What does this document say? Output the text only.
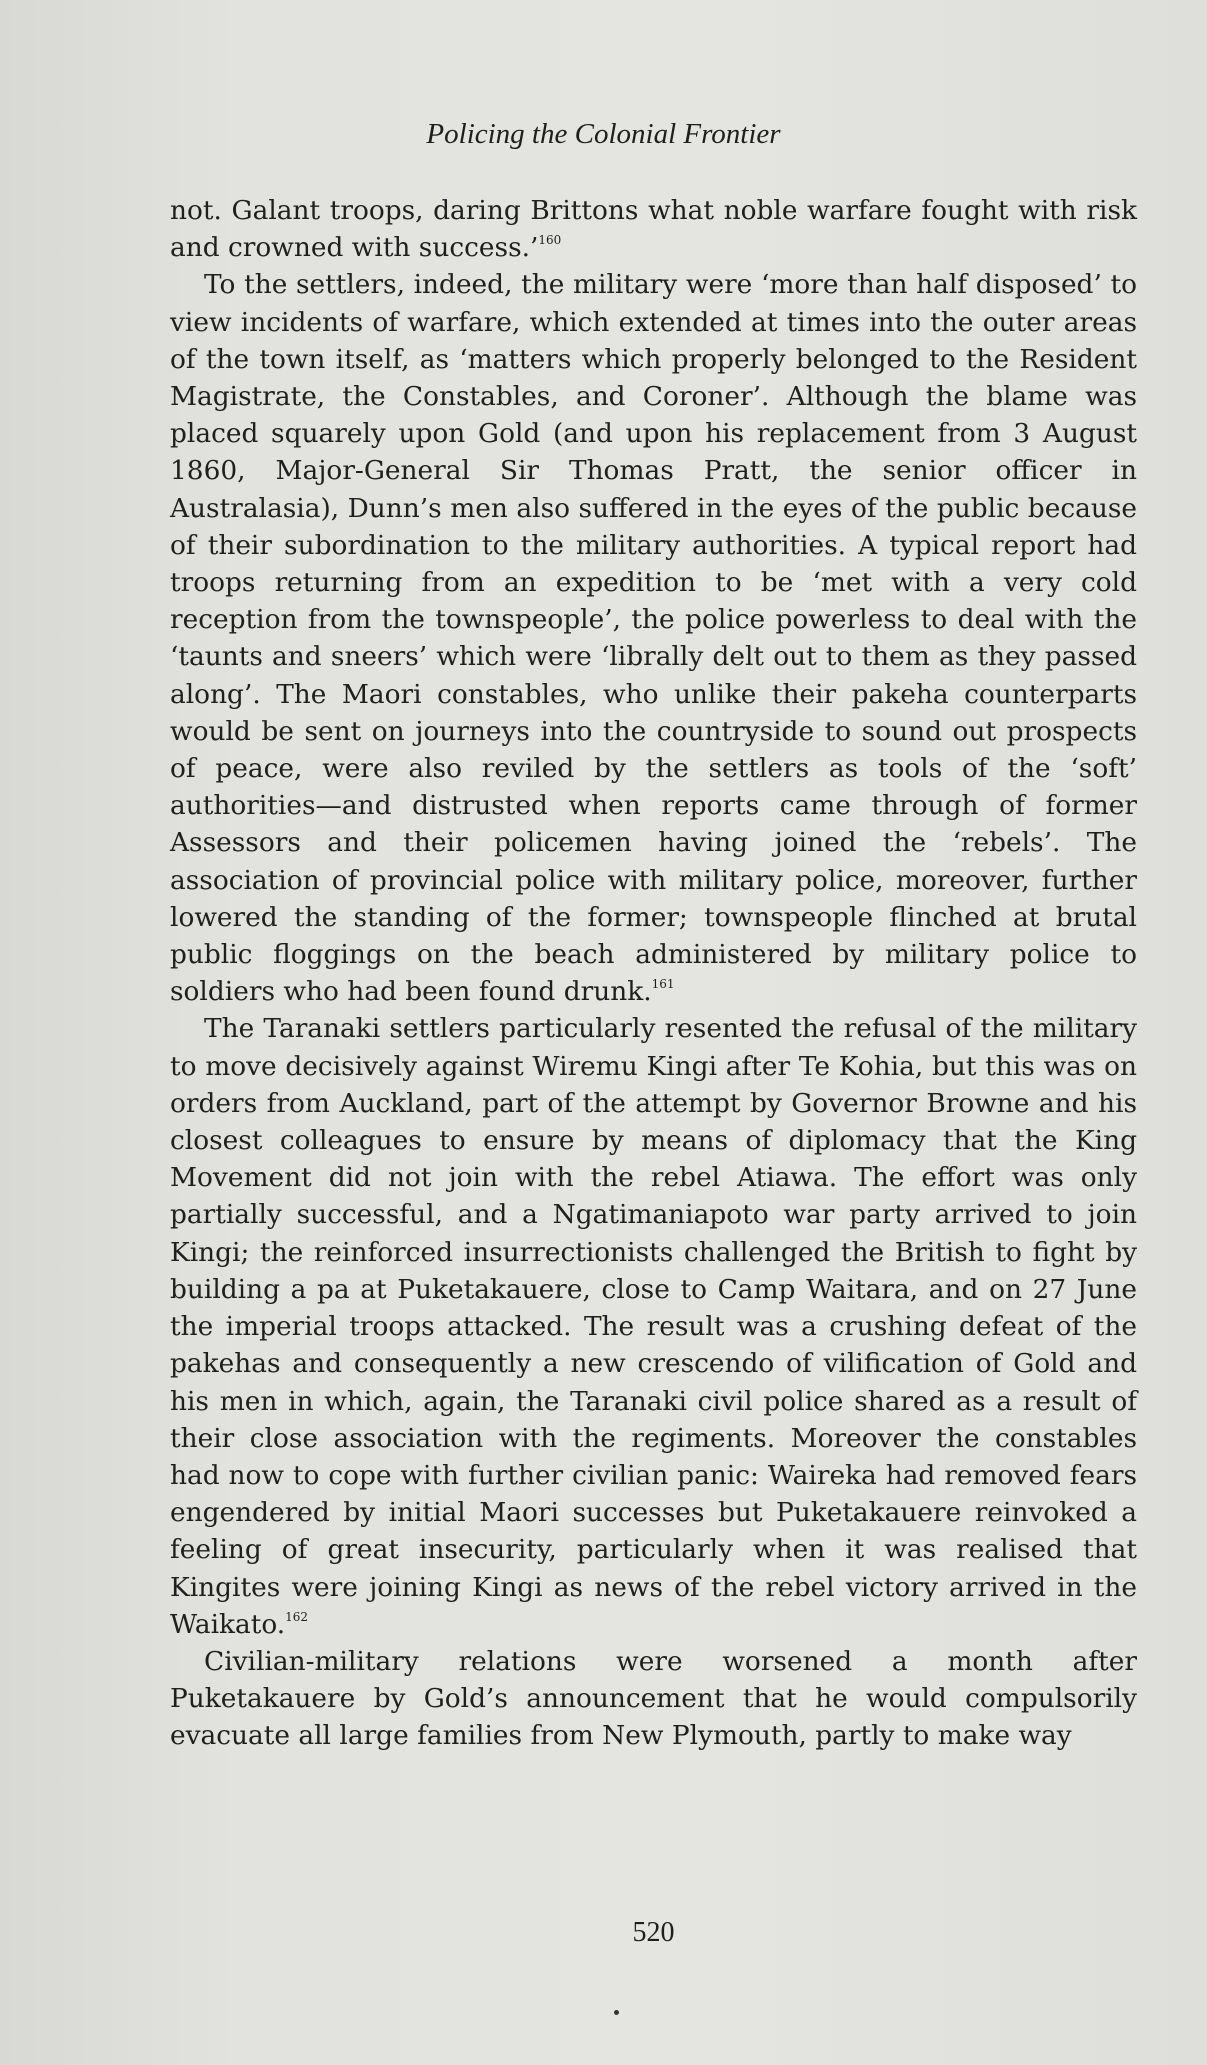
Policing the Colonial Frontier

not. Galant troops, daring Brittons what noble warfare fought with risk and crowned with success.’$^{160}$

To the settlers, indeed, the military were ‘more than half disposed’ to view incidents of warfare, which extended at times into the outer areas of the town itself, as ‘matters which properly belonged to the Resident Magistrate, the Constables, and Coroner’. Although the blame was placed squarely upon Gold (and upon his replacement from 3 August 1860, Major-General Sir Thomas Pratt, the senior officer in Australasia), Dunn’s men also suffered in the eyes of the public because of their subordination to the military authorities. A typical report had troops returning from an expedition to be ‘met with a very cold reception from the townspeople’, the police powerless to deal with the ‘taunts and sneers’ which were ‘librally delt out to them as they passed along’. The Maori constables, who unlike their pakeha counterparts would be sent on journeys into the countryside to sound out prospects of peace, were also reviled by the settlers as tools of the ‘soft’ authorities—and distrusted when reports came through of former Assessors and their policemen having joined the ‘rebels’. The association of provincial police with military police, moreover, further lowered the standing of the former; townspeople flinched at brutal public floggings on the beach administered by military police to soldiers who had been found drunk.$^{161}$

The Taranaki settlers particularly resented the refusal of the military to move decisively against Wiremu Kingi after Te Kohia, but this was on orders from Auckland, part of the attempt by Governor Browne and his closest colleagues to ensure by means of diplomacy that the King Movement did not join with the rebel Atiawa. The effort was only partially successful, and a Ngatimaniapoto war party arrived to join Kingi; the reinforced insurrectionists challenged the British to fight by building a pa at Puketakauere, close to Camp Waitara, and on 27 June the imperial troops attacked. The result was a crushing defeat of the pakehas and consequently a new crescendo of vilification of Gold and his men in which, again, the Taranaki civil police shared as a result of their close association with the regiments. Moreover the constables had now to cope with further civilian panic: Waireka had removed fears engendered by initial Maori successes but Puketakauere reinvoked a feeling of great insecurity, particularly when it was realised that Kingites were joining Kingi as news of the rebel victory arrived in the Waikato.$^{162}$

Civilian-military relations were worsened a month after Puketakauere by Gold’s announcement that he would compulsorily evacuate all large families from New Plymouth, partly to make way

520
